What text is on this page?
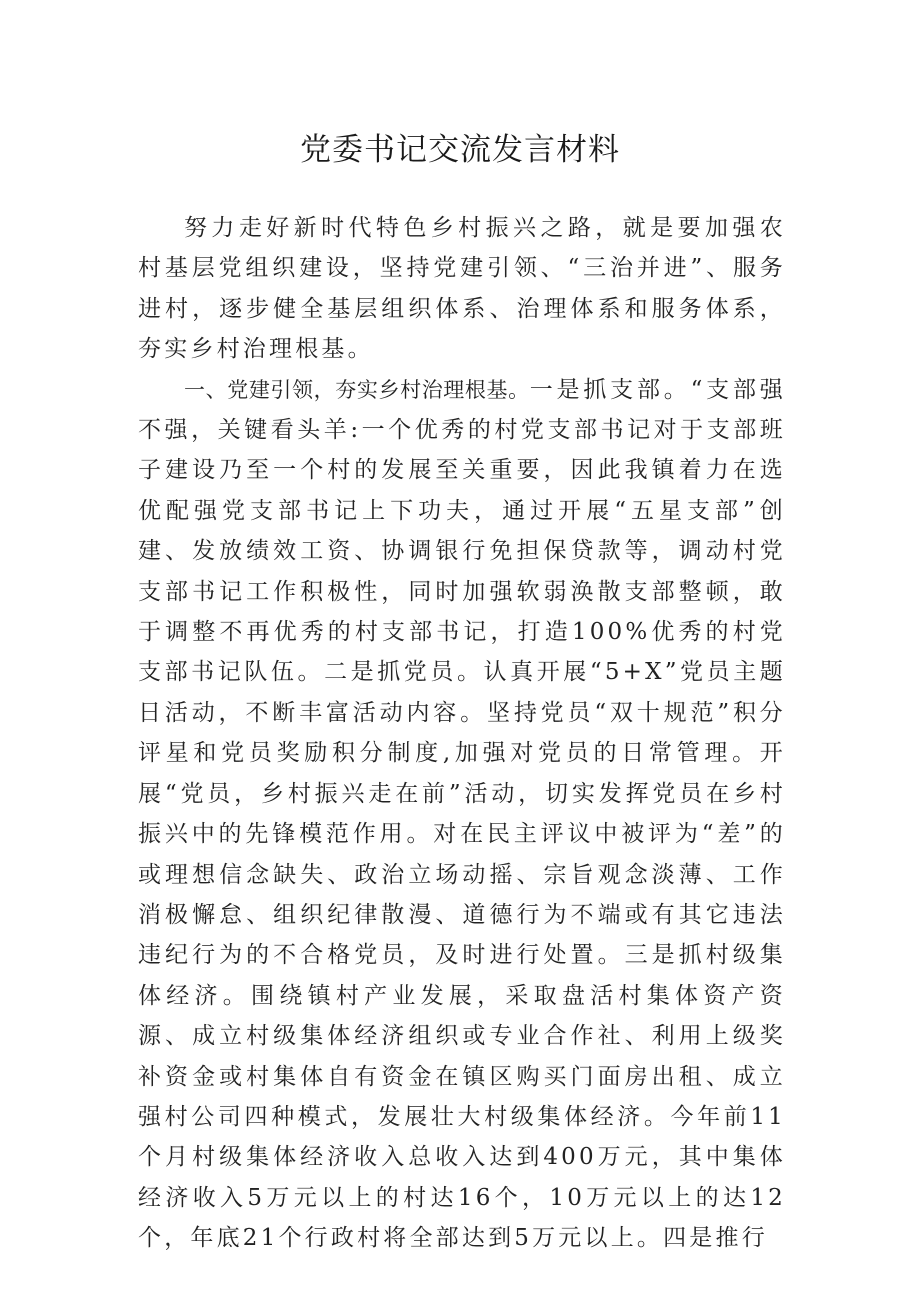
党委书记交流发言材料

努力走好新时代特色乡村振兴之路，就是要加强农村基层党组织建设，坚持党建引领、“三治并进”、服务进村，逐步健全基层组织体系、治理体系和服务体系，夯实乡村治理根基。

一、党建引领，夯实乡村治理根基。一是抓支部。“支部强不强，关键看头羊:一个优秀的村党支部书记对于支部班子建设乃至一个村的发展至关重要，因此我镇着力在选优配强党支部书记上下功夫，通过开展“五星支部”创建、发放绩效工资、协调银行免担保贷款等，调动村党支部书记工作积极性，同时加强软弱涣散支部整顿，敢于调整不再优秀的村支部书记，打造100%优秀的村党支部书记队伍。二是抓党员。认真开展“5+X”党员主题日活动，不断丰富活动内容。坚持党员“双十规范”积分评星和党员奖励积分制度,加强对党员的日常管理。开展“党员，乡村振兴走在前”活动，切实发挥党员在乡村振兴中的先锋模范作用。对在民主评议中被评为“差”的或理想信念缺失、政治立场动摇、宗旨观念淡薄、工作消极懈怠、组织纪律散漫、道德行为不端或有其它违法违纪行为的不合格党员，及时进行处置。三是抓村级集体经济。围绕镇村产业发展，采取盘活村集体资产资源、成立村级集体经济组织或专业合作社、利用上级奖补资金或村集体自有资金在镇区购买门面房出租、成立强村公司四种模式，发展壮大村级集体经济。今年前11个月村级集体经济收入总收入达到400万元，其中集体经济收入5万元以上的村达16个，10万元以上的达12个，年底21个行政村将全部达到5万元以上。四是推行
